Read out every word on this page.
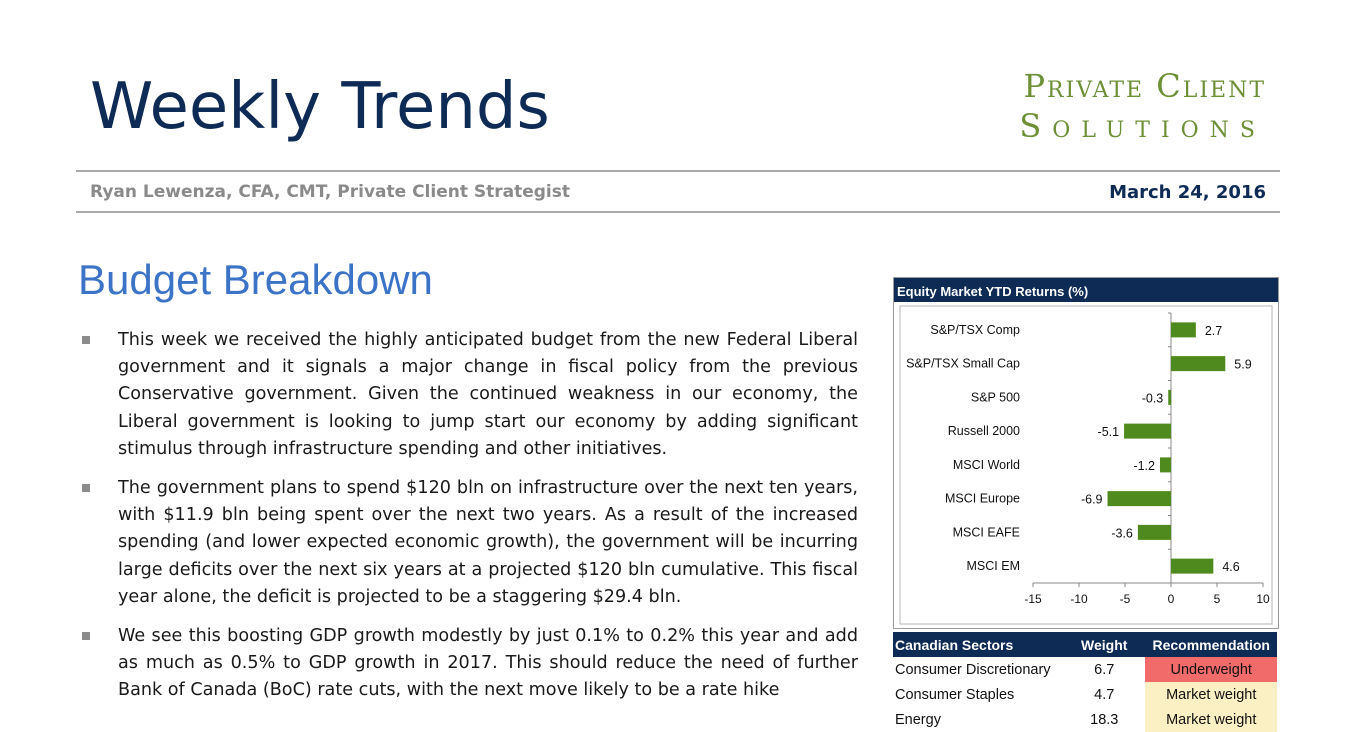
Weekly Trends	Private Client
Solutions
Ryan Lewenza, CFA, CMT, Private Client Strategist	March 24, 2016
Budget Breakdown
This week we received the highly anticipated budget from the new Federal Liberal government and it signals a major change in fiscal policy from the previous Conservative government. Given the continued weakness in our economy, the Liberal government is looking to jump start our economy by adding significant stimulus through infrastructure spending and other initiatives.
The government plans to spend $120 bln on infrastructure over the next ten years, with $11.9 bln being spent over the next two years. As a result of the increased spending (and lower expected economic growth), the government will be incurring large deficits over the next six years at a projected $120 bln cumulative. This fiscal year alone, the deficit is projected to be a staggering $29.4 bln.
We see this boosting GDP growth modestly by just 0.1% to 0.2% this year and add as much as 0.5% to GDP growth in 2017. This should reduce the need of further Bank of Canada (BoC) rate cuts, with the next move likely to be a rate hike
Equity Market YTD Returns (%)
-15 -10	-5	0	5	10
S&P/TSX Comp	2.7
S&P/TSX Small Cap	5.9
S&P 500	-0.3
Russell 2000	-5.1
MSCI World	-1.2
MSCI Europe	-6.9
MSCI EAFE	-3.6
MSCI EM	4.6
Canadian Sectors	Weight	Recommendation
Consumer Discretionary	6.7	Underweight
Consumer Staples	4.7	Market weight
Energy	18.3	Market weight
